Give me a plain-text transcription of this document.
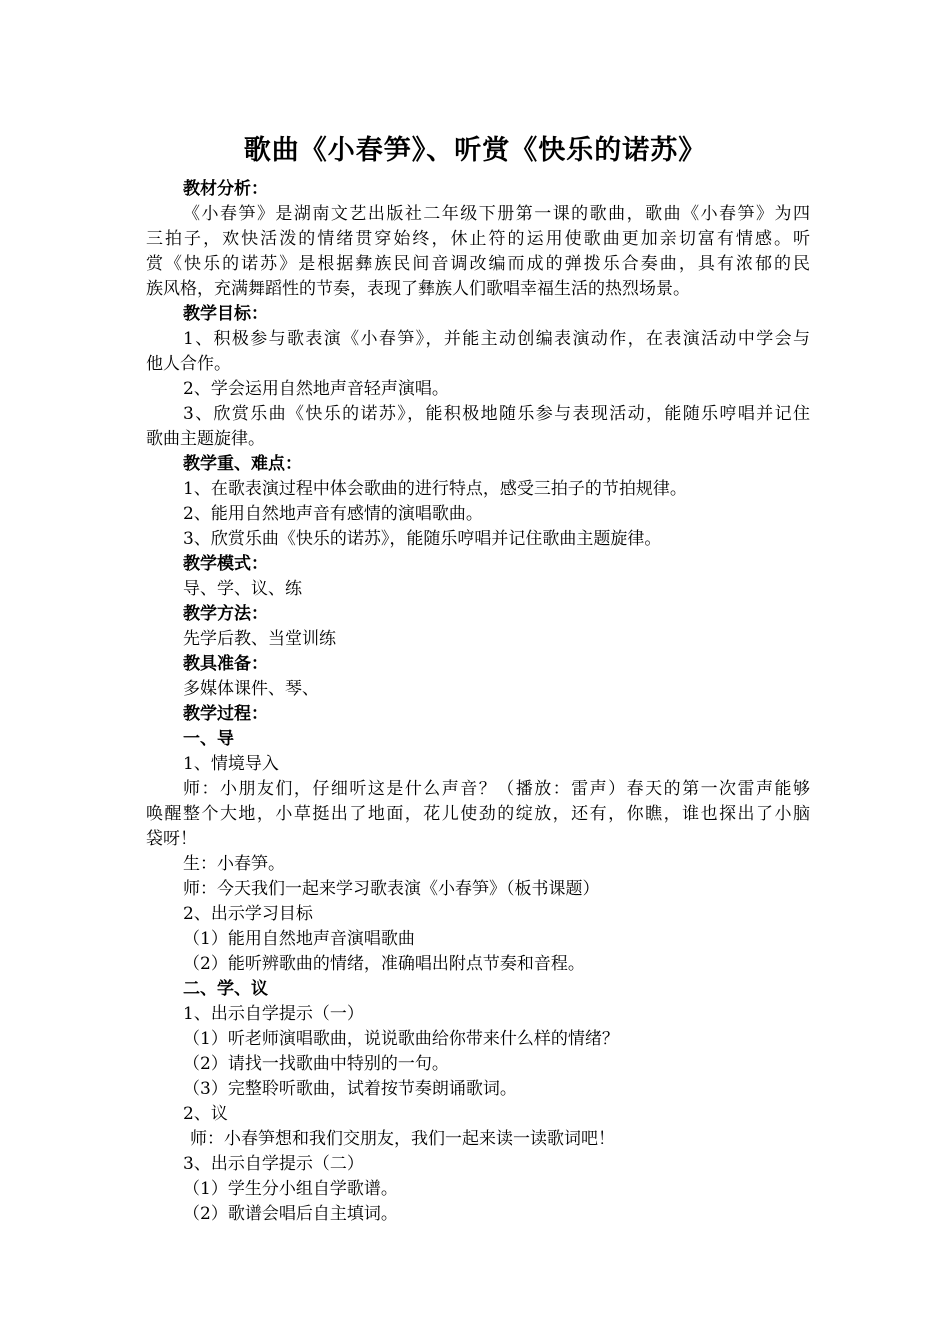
歌曲《小春笋》、听赏《快乐的诺苏》
教材分析：
《小春笋》是湖南文艺出版社二年级下册第一课的歌曲，歌曲《小春笋》为四
三拍子，欢快活泼的情绪贯穿始终，休止符的运用使歌曲更加亲切富有情感。听
赏《快乐的诺苏》是根据彝族民间音调改编而成的弹拨乐合奏曲，具有浓郁的民
族风格，充满舞蹈性的节奏，表现了彝族人们歌唱幸福生活的热烈场景。
教学目标：
1、积极参与歌表演《小春笋》，并能主动创编表演动作，在表演活动中学会与
他人合作。
2、学会运用自然地声音轻声演唱。
3、欣赏乐曲《快乐的诺苏》，能积极地随乐参与表现活动，能随乐哼唱并记住
歌曲主题旋律。
教学重、难点：
1、在歌表演过程中体会歌曲的进行特点，感受三拍子的节拍规律。
2、能用自然地声音有感情的演唱歌曲。
3、欣赏乐曲《快乐的诺苏》，能随乐哼唱并记住歌曲主题旋律。
教学模式：
导、学、议、练
教学方法：
先学后教、当堂训练
教具准备：
多媒体课件、琴、
教学过程：
一、导
1、情境导入
师：小朋友们，仔细听这是什么声音？（播放：雷声）春天的第一次雷声能够
唤醒整个大地，小草挺出了地面，花儿使劲的绽放，还有，你瞧，谁也探出了小脑
袋呀！
生：小春笋。
师：今天我们一起来学习歌表演《小春笋》（板书课题）
2、出示学习目标
（1）能用自然地声音演唱歌曲
（2）能听辨歌曲的情绪，准确唱出附点节奏和音程。
二、学、议
1、出示自学提示（一）
（1）听老师演唱歌曲，说说歌曲给你带来什么样的情绪？
（2）请找一找歌曲中特别的一句。
（3）完整聆听歌曲，试着按节奏朗诵歌词。
2、议
师：小春笋想和我们交朋友，我们一起来读一读歌词吧！
3、出示自学提示（二）
（1）学生分小组自学歌谱。
（2）歌谱会唱后自主填词。
